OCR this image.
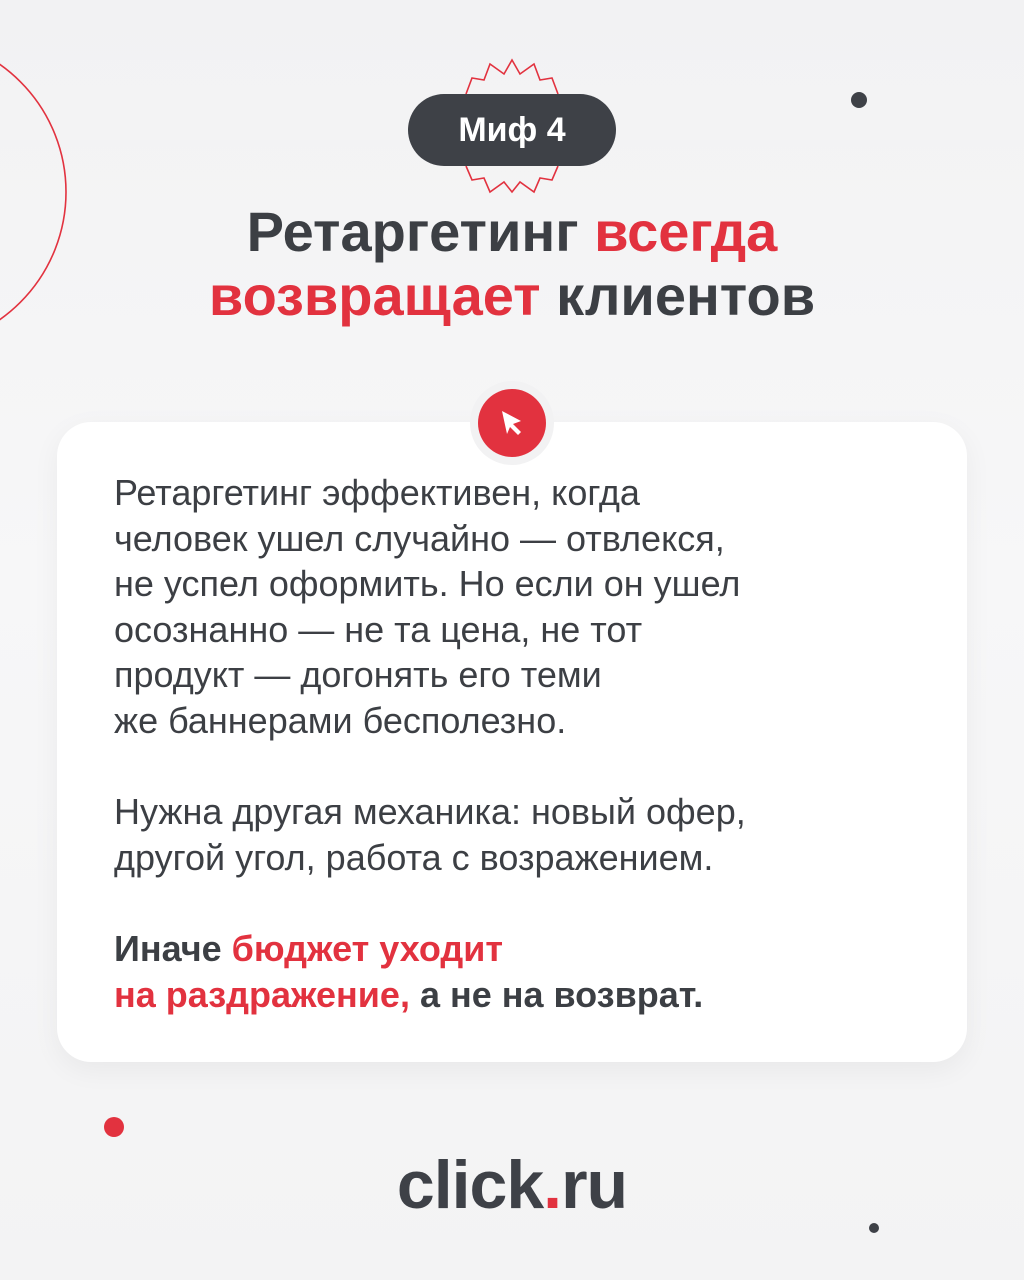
Миф 4
Ретаргетинг всегда
возвращает клиентов

Ретаргетинг эффективен, когда
человек ушел случайно — отвлекся,
не успел оформить. Но если он ушел
осознанно — не та цена, не тот
продукт — догонять его теми
же баннерами бесполезно.

Нужна другая механика: новый офер,
другой угол, работа с возражением.

Иначе бюджет уходит
на раздражение, а не на возврат.

click.ru
